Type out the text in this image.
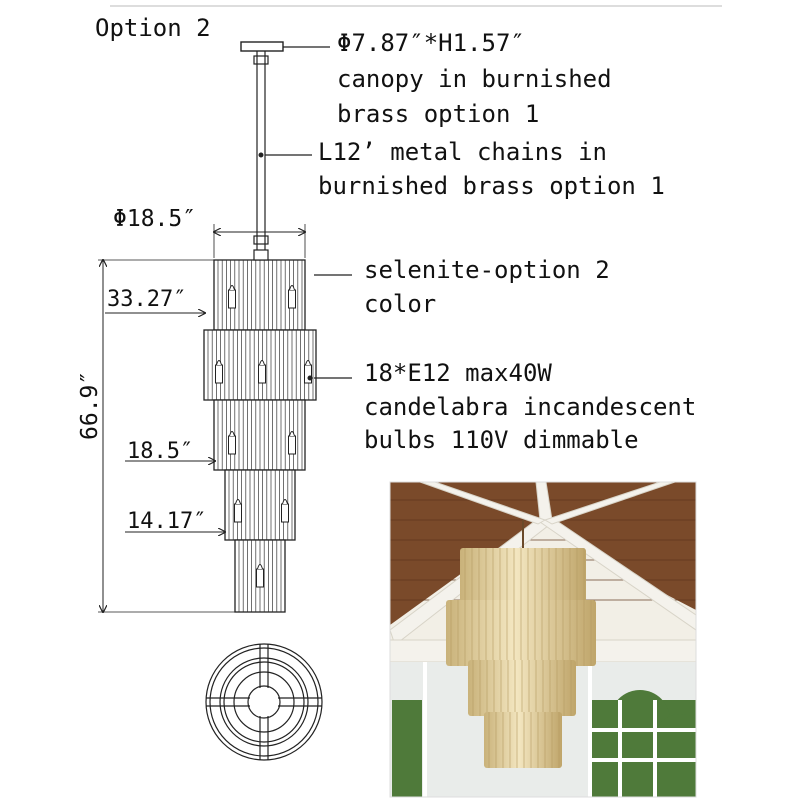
Option 2
Φ18.5″
33.27″
18.5″
14.17″
66.9″
Φ7.87″*H1.57″
canopy in burnished
brass option 1
L12’ metal chains in
burnished brass option 1
selenite-option 2
color
18*E12 max40W
candelabra incandescent
bulbs 110V dimmable
